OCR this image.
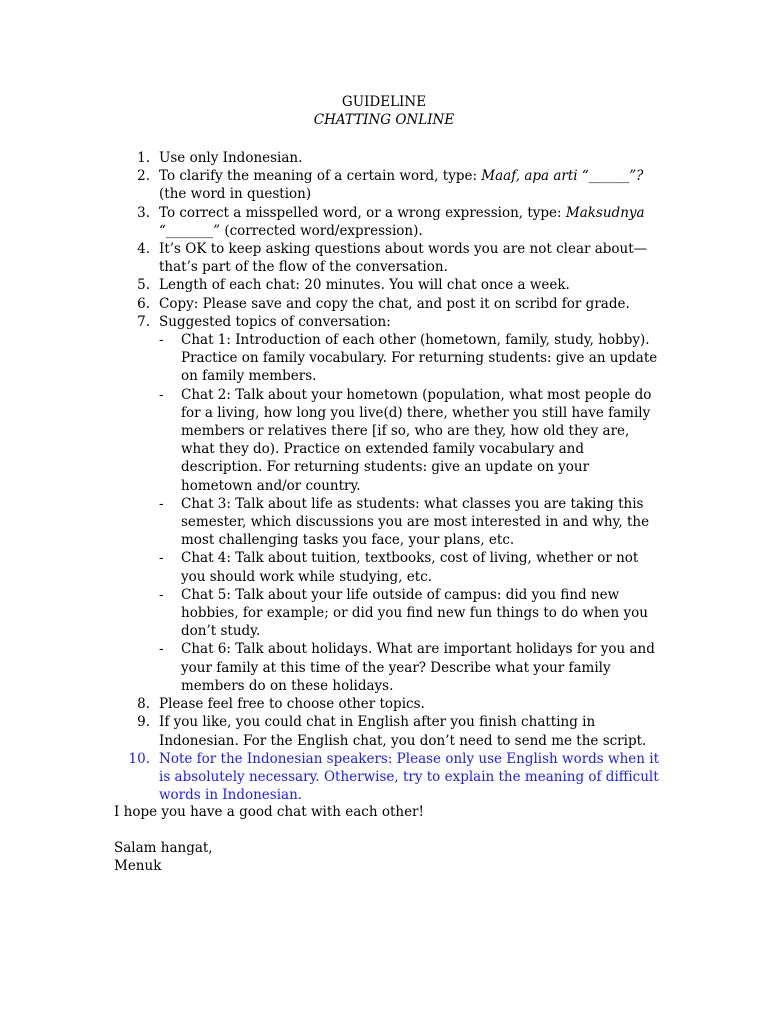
GUIDELINE
CHATTING ONLINE
1. Use only Indonesian.
2. To clarify the meaning of a certain word, type: Maaf, apa arti “______”? (the word in question)
3. To correct a misspelled word, or a wrong expression, type: Maksudnya “_______” (corrected word/expression).
4. It’s OK to keep asking questions about words you are not clear about—that’s part of the flow of the conversation.
5. Length of each chat: 20 minutes. You will chat once a week.
6. Copy: Please save and copy the chat, and post it on scribd for grade.
7. Suggested topics of conversation:
- Chat 1: Introduction of each other (hometown, family, study, hobby). Practice on family vocabulary. For returning students: give an update on family members.
- Chat 2: Talk about your hometown (population, what most people do for a living, how long you live(d) there, whether you still have family members or relatives there [if so, who are they, how old they are, what they do). Practice on extended family vocabulary and description. For returning students: give an update on your hometown and/or country.
- Chat 3: Talk about life as students: what classes you are taking this semester, which discussions you are most interested in and why, the most challenging tasks you face, your plans, etc.
- Chat 4: Talk about tuition, textbooks, cost of living, whether or not you should work while studying, etc.
- Chat 5: Talk about your life outside of campus: did you find new hobbies, for example; or did you find new fun things to do when you don’t study.
- Chat 6: Talk about holidays. What are important holidays for you and your family at this time of the year? Describe what your family members do on these holidays.
8. Please feel free to choose other topics.
9. If you like, you could chat in English after you finish chatting in Indonesian. For the English chat, you don’t need to send me the script.
10. Note for the Indonesian speakers: Please only use English words when it is absolutely necessary. Otherwise, try to explain the meaning of difficult words in Indonesian.
I hope you have a good chat with each other!
Salam hangat,
Menuk
